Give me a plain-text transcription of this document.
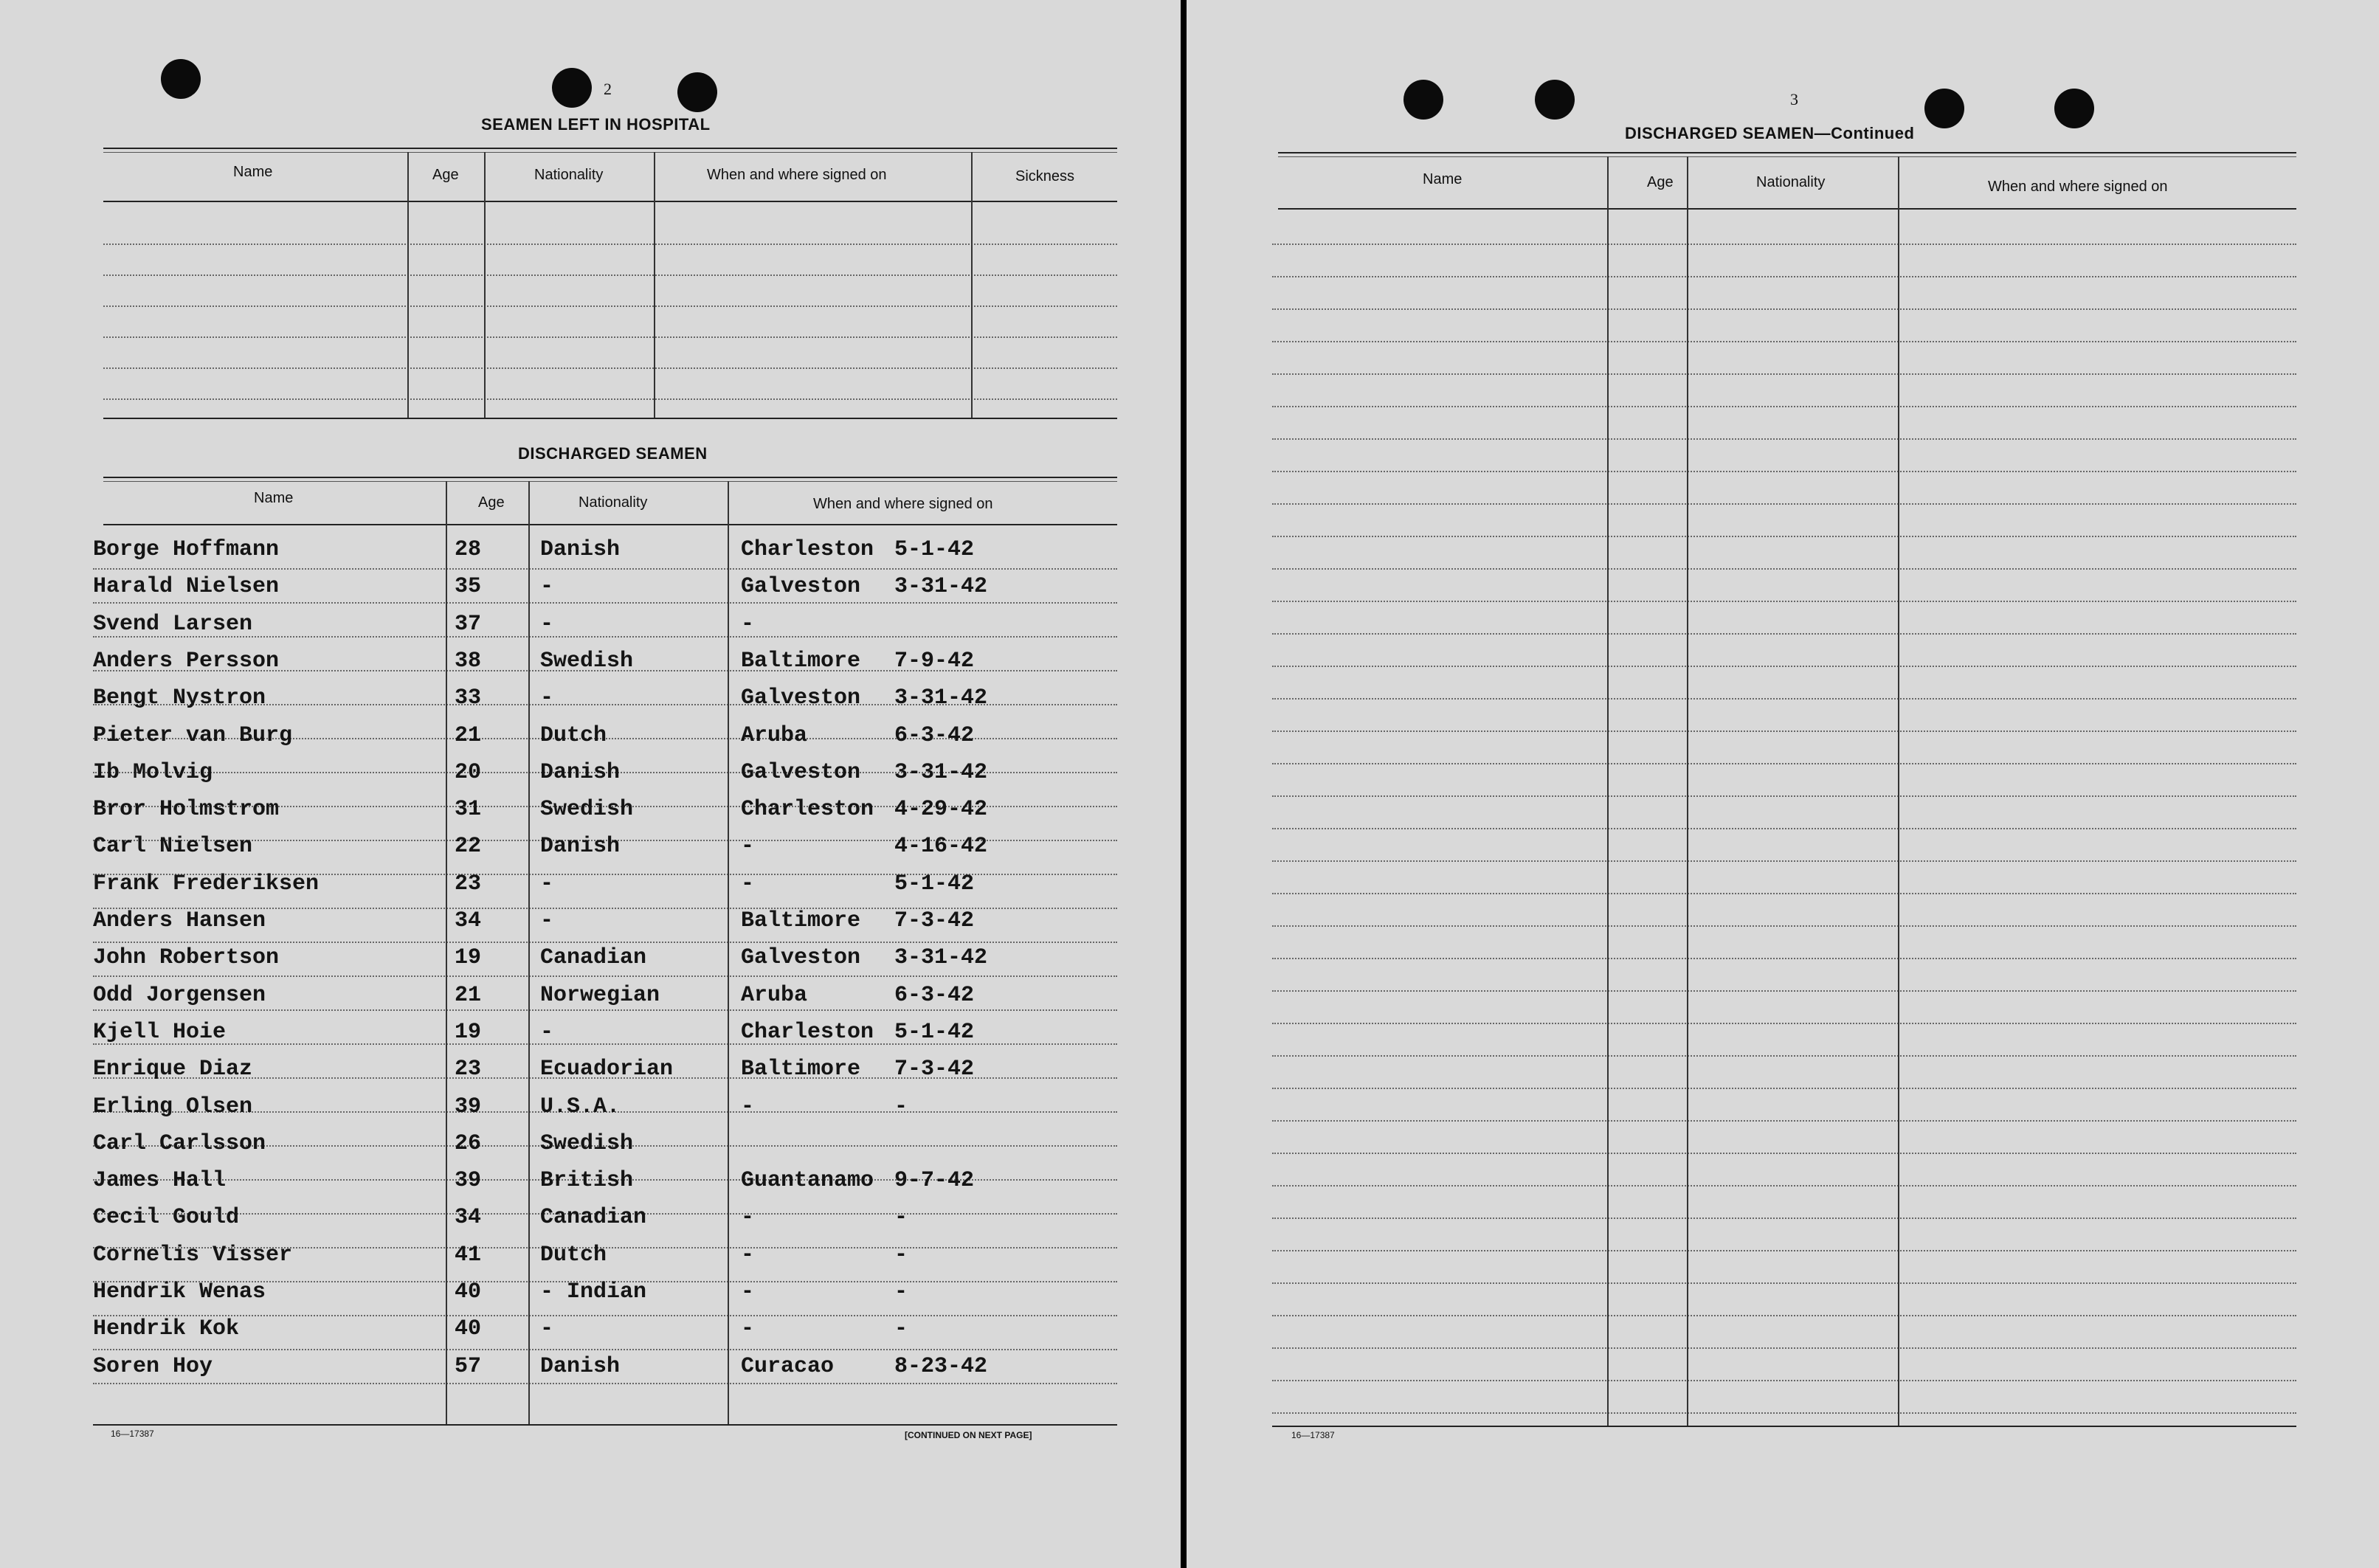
2
SEAMEN LEFT IN HOSPITAL
Name	Age	Nationality	When and where signed on	Sickness
DISCHARGED SEAMEN
Name	Age	Nationality	When and where signed on
Borge Hoffmann	28	Danish	Charleston 5-1-42
Harald Nielsen	35	-	Galveston 3-31-42
Svend Larsen	37	-	-
Anders Persson	38	Swedish	Baltimore 7-9-42
Bengt Nystron	33	-	Galveston 3-31-42
Pieter van Burg	21	Dutch	Aruba	6-3-42
Ib Molvig	20	Danish	Galveston 3-31-42
Bror Holmstrom	31	Swedish	Charleston 4-29-42
Carl Nielsen	22	Danish	-	4-16-42
Frank Frederiksen	23	-	-	5-1-42
Anders Hansen	34	-	Baltimore 7-3-42
John Robertson	19	Canadian	Galveston 3-31-42
Odd Jorgensen	21	Norwegian	Aruba	6-3-42
Kjell Hoie	19	-	Charleston 5-1-42
Enrique Diaz	23	Ecuadorian	Baltimore 7-3-42
Erling Olsen	39	U.S.A.	-	-
Carl Carlsson	26	Swedish
James Hall	39	British	Guantanamo 9-7-42
Cecil Gould	34	Canadian	-	-
Cornelis Visser	41	Dutch	-	-
Hendrik Wenas	40	- Indian	-	-
Hendrik Kok	40	-	-	-
Soren Hoy	57	Danish	Curacao	8-23-42
16—17387	[CONTINUED ON NEXT PAGE]
3
DISCHARGED SEAMEN—Continued
Name	Age	Nationality	When and where signed on
16—17387
